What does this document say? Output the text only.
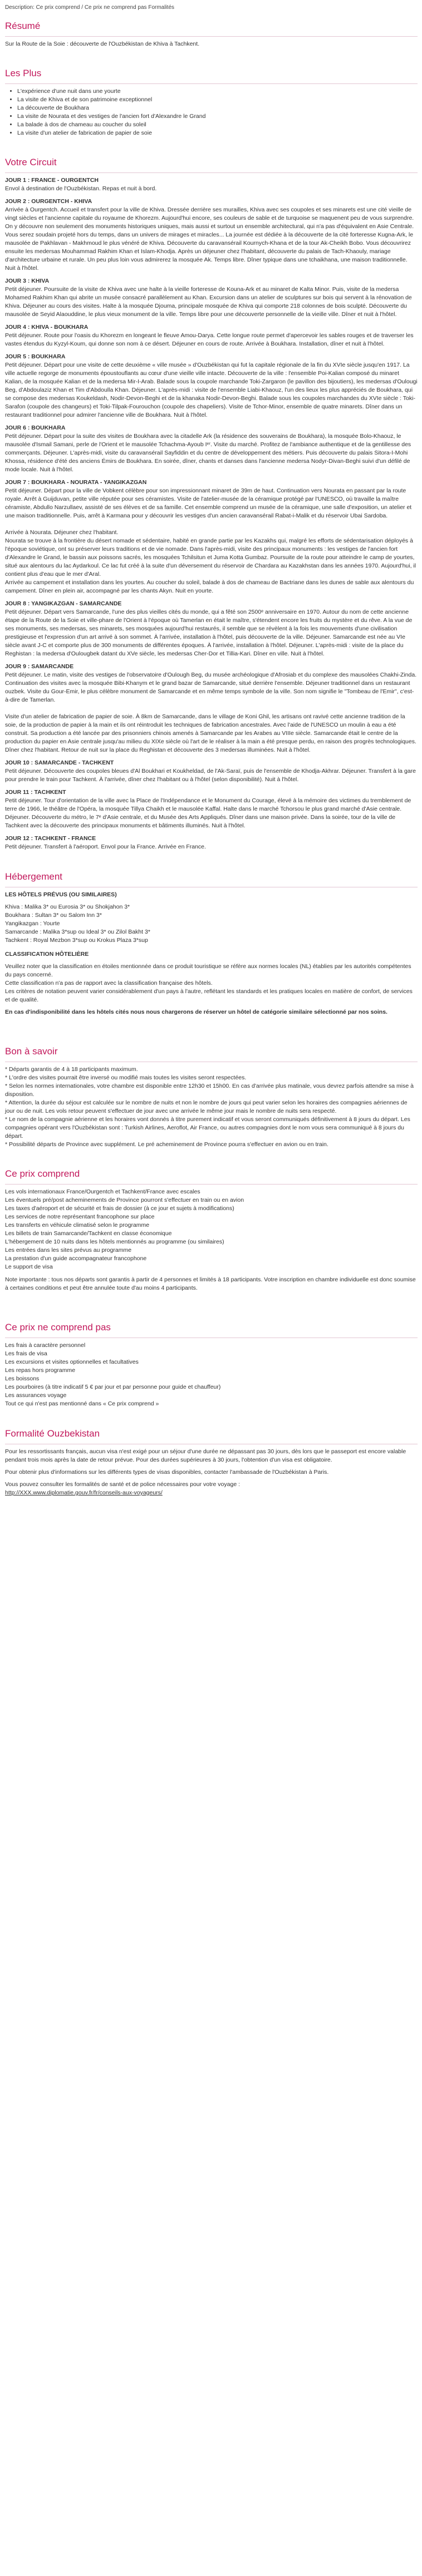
Description: Ce prix comprend / Ce prix ne comprend pas Formalités

Résumé

Sur la Route de la Soie : découverte de l'Ouzbékistan de Khiva à Tachkent.

Les Plus
• L'expérience d'une nuit dans une yourte
• La visite de Khiva et de son patrimoine exceptionnel
• La découverte de Boukhara
• La visite de Nourata et des vestiges de l'ancien fort d'Alexandre le Grand
• La balade à dos de chameau au coucher du soleil
• La visite d'un atelier de fabrication de papier de soie
Votre Circuit

JOUR 1 : FRANCE - OURGENTCH

Envol à destination de l'Ouzbékistan. Repas et nuit à bord.

JOUR 2 : OURGENTCH - KHIVA

Arrivée à Ourgentch. Accueil et transfert pour la ville de Khiva. Dressée derrière ses murailles, Khiva avec ses coupoles et ses minarets est une cité vieille de vingt siècles et l'ancienne capitale du royaume de Khorezm. Aujourd'hui encore, ses couleurs de sable et de turquoise se maquenent peu de vous surprendre. On y découvre non seulement des monuments historiques uniques, mais aussi et surtout un ensemble architectural, qui n'a pas d'équivalent en Asie Centrale. Vous serez soudain projeté hors du temps, dans un univers de mirages et miracles... La journée est dédiée à la découverte de la cité forteresse Kugna-Ark, le mausolée de Pakhlavan - Makhmoud le plus vénéré de Khiva. Découverte du caravansérail Kournych-Khana et de la tour Ak-Cheikh Bobo. Vous découvrirez ensuite les medersas Mouhammad Rakhim Khan et Islam-Khodja. Après un déjeuner chez l'habitant, découverte du palais de Tach-Khaouly, mariage d'architecture urbaine et rurale. Un peu plus loin vous admirerez la mosquée Ak. Temps libre. Dîner typique dans une tchaikhana, une maison traditionnelle. Nuit à l'hôtel.

JOUR 3 : KHIVA

Petit déjeuner. Poursuite de la visite de Khiva avec une halte à la vieille forteresse de Kouna-Ark et au minaret de Kalta Minor. Puis, visite de la medersa Mohamed Rakhim Khan qui abrite un musée consacré parallèlement au Khan. Excursion dans un atelier de sculptures sur bois qui servent à la rénovation de Khiva. Déjeuner au cours des visites. Halte à la mosquée Djouma, principale mosquée de Khiva qui comporte 218 colonnes de bois sculpté. Découverte du mausolée de Seyid Alaouddine, le plus vieux monument de la ville. Temps libre pour une découverte personnelle de la vieille ville. Dîner et nuit à l'hôtel.

JOUR 4 : KHIVA - BOUKHARA

Petit déjeuner. Route pour l'oasis du Khorezm en longeant le fleuve Amou-Darya. Cette longue route permet d'apercevoir les sables rouges et de traverser les vastes étendus du Kyzyl-Koum, qui donne son nom à ce désert. Déjeuner en cours de route. Arrivée à Boukhara. Installation, dîner et nuit à l'hôtel.

JOUR 5 : BOUKHARA

Petit déjeuner. Départ pour une visite de cette deuxième « ville musée » d'Ouzbékistan qui fut la capitale régionale de la fin du XVIe siècle jusqu'en 1917. La ville actuelle regorge de monuments époustouflants au cœur d'une vieille ville intacte. Découverte de la ville : l'ensemble Poi-Kalian composé du minaret Kalian, de la mosquée Kalian et de la medersa Mir-I-Arab. Balade sous la coupole marchande Toki-Zargaron (le pavillon des bijoutiers), les medersas d'Oulougi Beg, d'Abdoulaziz Khan et Tim d'Abdoulla Khan. Déjeuner. L'après-midi : visite de l'ensemble Liabi-Khaouz, l'un des lieux les plus appréciés de Boukhara, qui se compose des medersas Koukeldash, Nodir-Devon-Beghi et de la khanaka Nodir-Devon-Beghi. Balade sous les coupoles marchandes du XVIe siècle : Toki-Sarafon (coupole des changeurs) et Toki-Tilpak-Fourouchon (coupole des chapeliers). Visite de Tchor-Minor, ensemble de quatre minarets. Dîner dans un restaurant traditionnel pour admirer l'ancienne ville de Boukhara. Nuit à l'hôtel.

JOUR 6 : BOUKHARA

Petit déjeuner. Départ pour la suite des visites de Boukhara avec la citadelle Ark (la résidence des souverains de Boukhara), la mosquée Bolo-Khaouz, le mausolée d'Ismail Samani, perle de l'Orient et le mausolée Tchachma-Ayoub Iᵉʳ. Visite du marché. Profitez de l'ambiance authentique et de la gentillesse des commerçants. Déjeuner. L'après-midi, visite du caravansérail Sayfiddin et du centre de développement des métiers. Puis découverte du palais Sitora-I-Mohi Khossa, résidence d'été des anciens Émirs de Boukhara. En soirée, dîner, chants et danses dans l'ancienne medersa Nodyr-Divan-Beghi suivi d'un défilé de mode locale. Nuit à l'hôtel.

JOUR 7 : BOUKHARA - NOURATA - YANGIKAZGAN

Petit déjeuner. Départ pour la ville de Vobkent célèbre pour son impressionnant minaret de 39m de haut. Continuation vers Nourata en passant par la route royale. Arrêt à Guijduvan, petite ville réputée pour ses céramistes. Visite de l'atelier-musée de la céramique protégé par l'UNESCO, où travaille la maître céramiste, Abdullo Narzullaev, assisté de ses élèves et de sa famille. Cet ensemble comprend un musée de la céramique, une salle d'exposition, un atelier et une maison traditionnelle. Puis, arrêt à Karmana pour y découvrir les vestiges d'un ancien caravansérail Rabat-i-Malik et du réservoir Ubai Sardoba.

Arrivée à Nourata. Déjeuner chez l'habitant.
Nourata se trouve à la frontière du désert nomade et sédentaire, habité en grande partie par les Kazakhs qui, malgré les efforts de sédentarisation déployés à l'époque soviétique, ont su préserver leurs traditions et de vie nomade. Dans l'après-midi, visite des principaux monuments : les vestiges de l'ancien fort d'Alexandre le Grand, le bassin aux poissons sacrés, les mosquées Tchilsitun et Juma Kotta Gumbaz. Poursuite de la route pour atteindre le camp de yourtes, situé aux alentours du lac Aydarkoul. Ce lac fut créé à la suite d'un déversement du réservoir de Chardara au Kazakhstan dans les années 1970. Aujourd'hui, il contient plus d'eau que le mer d'Aral.
Arrivée au campement et installation dans les yourtes. Au coucher du soleil, balade à dos de chameau de Bactriane dans les dunes de sable aux alentours du campement. Dîner en plein air, accompagné par les chants Akyn. Nuit en yourte.

JOUR 8 : YANGIKAZGAN - SAMARCANDE

Petit déjeuner. Départ vers Samarcande, l'une des plus vieilles cités du monde, qui a fêté son 2500ᵉ anniversaire en 1970. Autour du nom de cette ancienne étape de la Route de la Soie et ville-phare de l'Orient à l'époque où Tamerlan en était le maître, s'étendent encore les fruits du mystère et du rêve. A la vue de ses monuments, ses medersas, ses minarets, ses mosquées aujourd'hui restaurés, il semble que se révèlent à la fois les mouvements d'une civilisation prestigieuse et l'expression d'un art arrivé à son sommet. À l'arrivée, installation à l'hôtel, puis découverte de la ville. Déjeuner. Samarcande est née au VIe siècle avant J-C et comporte plus de 300 monuments de différentes époques. À l'arrivée, installation à l'hôtel. Déjeuner. L'après-midi : visite de la place du Reghistan : la medersa d'Oulougbek datant du XVe siècle, les medersas Cher-Dor et Tillia-Kari. Dîner en ville. Nuit à l'hôtel.

JOUR 9 : SAMARCANDE

Petit déjeuner. Le matin, visite des vestiges de l'observatoire d'Oulough Beg, du musée archéologique d'Afrosiab et du complexe des mausolées Chakhi-Zinda. Continuation des visites avec la mosquée Bibi-Khanym et le grand bazar de Samarcande, situé derrière l'ensemble. Déjeuner traditionnel dans un restaurant ouzbek. Visite du Gour-Emir, le plus célèbre monument de Samarcande et en même temps symbole de la ville. Son nom signifie le "Tombeau de l'Emir", c'est-à-dire de Tamerlan.

Visite d'un atelier de fabrication de papier de soie. À 8km de Samarcande, dans le village de Koni Ghil, les artisans ont ravivé cette ancienne tradition de la soie, de la production de papier à la main et ils ont réintroduit les techniques de fabrication ancestrales. Avec l'aide de l'UNESCO un moulin à eau a été construit. Sa production a été lancée par des prisonniers chinois amenés à Samarcande par les Arabes au VIIIe siècle. Samarcande était le centre de la production du papier en Asie centrale jusqu'au milieu du XIXe siècle où l'art de le réaliser à la main a été presque perdu, en raison des progrès technologiques.
Dîner chez l'habitant. Retour de nuit sur la place du Reghistan et découverte des 3 medersas illuminées. Nuit à l'hôtel.

JOUR 10 : SAMARCANDE - TACHKENT

Petit déjeuner. Découverte des coupoles bleues d'Al Boukhari et Koukheldad, de l'Ak-Saraï, puis de l'ensemble de Khodja-Akhrar. Déjeuner. Transfert à la gare pour prendre le train pour Tachkent. À l'arrivée, dîner chez l'habitant ou à l'hôtel (selon disponibilité). Nuit à l'hôtel.

JOUR 11 : TACHKENT

Petit déjeuner. Tour d'orientation de la ville avec la Place de l'Indépendance et le Monument du Courage, élevé à la mémoire des victimes du tremblement de terre de 1966, le théâtre de l'Opéra, la mosquée Tillya Chaikh et le mausolée Kaffal. Halte dans le marché Tchorsou le plus grand marché d'Asie centrale. Déjeuner. Découverte du métro, le 7ᵉ d'Asie centrale, et du Musée des Arts Appliqués. Dîner dans une maison privée. Dans la soirée, tour de la ville de Tachkent avec la découverte des principaux monuments et bâtiments illuminés. Nuit à l'hôtel.

JOUR 12 : TACHKENT - FRANCE

Petit déjeuner. Transfert à l'aéroport. Envol pour la France. Arrivée en France.

Hébergement

LES HÔTELS PRÉVUS (OU SIMILAIRES)

Khiva : Malika 3* ou Eurosia 3* ou Shokjahon 3*
Boukhara : Sultan 3* ou Salom Inn 3*
Yangikazgan : Yourte
Samarcande : Malika 3*sup ou Ideal 3* ou Zilol Bakht 3*
Tachkent : Royal Mezbon 3*sup ou Krokus Plaza 3*sup

CLASSIFICATION HÔTELIÈRE

Veuillez noter que la classification en étoiles mentionnée dans ce produit touristique se réfère aux normes locales (NL) établies par les autorités compétentes du pays concerné.
Cette classification n'a pas de rapport avec la classification française des hôtels.
Les critères de notation peuvent varier considérablement d'un pays à l'autre, reflétant les standards et les pratiques locales en matière de confort, de services et de qualité.

En cas d'indisponibilité dans les hôtels cités nous nous chargerons de réserver un hôtel de catégorie similaire sélectionné par nos soins.

Bon à savoir

* Départs garantis de 4 à 18 participants maximum.
* L'ordre des visites pourrait être inversé ou modifié mais toutes les visites seront respectées.
* Selon les normes internationales, votre chambre est disponible entre 12h30 et 15h00. En cas d'arrivée plus matinale, vous devrez parfois attendre sa mise à disposition.
* Attention, la durée du séjour est calculée sur le nombre de nuits et non le nombre de jours qui peut varier selon les horaires des compagnies aériennes de jour ou de nuit. Les vols retour peuvent s'effectuer de jour avec une arrivée le même jour mais le nombre de nuits sera respecté.
* Le nom de la compagnie aérienne et les horaires vont donnés à titre purement indicatif et vous seront communiqués définitivement à 8 jours du départ. Les compagnies opérant vers l'Ouzbékistan sont : Turkish Airlines, Aeroflot, Air France, ou autres compagnies dont le nom vous sera communiqué à 8 jours du départ.
* Possibilité départs de Province avec supplément. Le pré acheminement de Province pourra s'effectuer en avion ou en train.

Ce prix comprend
Les vols internationaux France/Ourgentch et Tachkent/France avec escales
Les éventuels pré/post acheminements de Province pourront s'effectuer en train ou en avion
Les taxes d'aéroport et de sécurité et frais de dossier (à ce jour et sujets à modifications)
Les services de notre représentant francophone sur place
Les transferts en véhicule climatisé selon le programme
Les billets de train Samarcande/Tachkent en classe économique
L'hébergement de 10 nuits dans les hôtels mentionnés au programme (ou similaires)
Les entrées dans les sites prévus au programme
La prestation d'un guide accompagnateur francophone
Le support de visa

Note importante : tous nos départs sont garantis à partir de 4 personnes et limités à 18 participants. Votre inscription en chambre individuelle est donc soumise à certaines conditions et peut être annulée toute d'au moins 4 participants.

Ce prix ne comprend pas
Les frais à caractère personnel
Les frais de visa
Les excursions et visites optionnelles et facultatives
Les repas hors programme
Les boissons
Les pourboires (à titre indicatif 5 € par jour et par personne pour guide et chauffeur)
Les assurances voyage
Tout ce qui n'est pas mentionné dans « Ce prix comprend »
Formalité Ouzbekistan

Pour les ressortissants français, aucun visa n'est exigé pour un séjour d'une durée ne dépassant pas 30 jours, dès lors que le passeport est encore valable pendant trois mois après la date de retour prévue. Pour des durées supérieures à 30 jours, l'obtention d'un visa est obligatoire.

Pour obtenir plus d'informations sur les différents types de visas disponibles, contacter l'ambassade de l'Ouzbékistan à Paris.

Vous pouvez consulter les formalités de santé et de police nécessaires pour votre voyage :

http://XXX.www.diplomatie.gouv.fr/fr/conseils-aux-voyageurs/
